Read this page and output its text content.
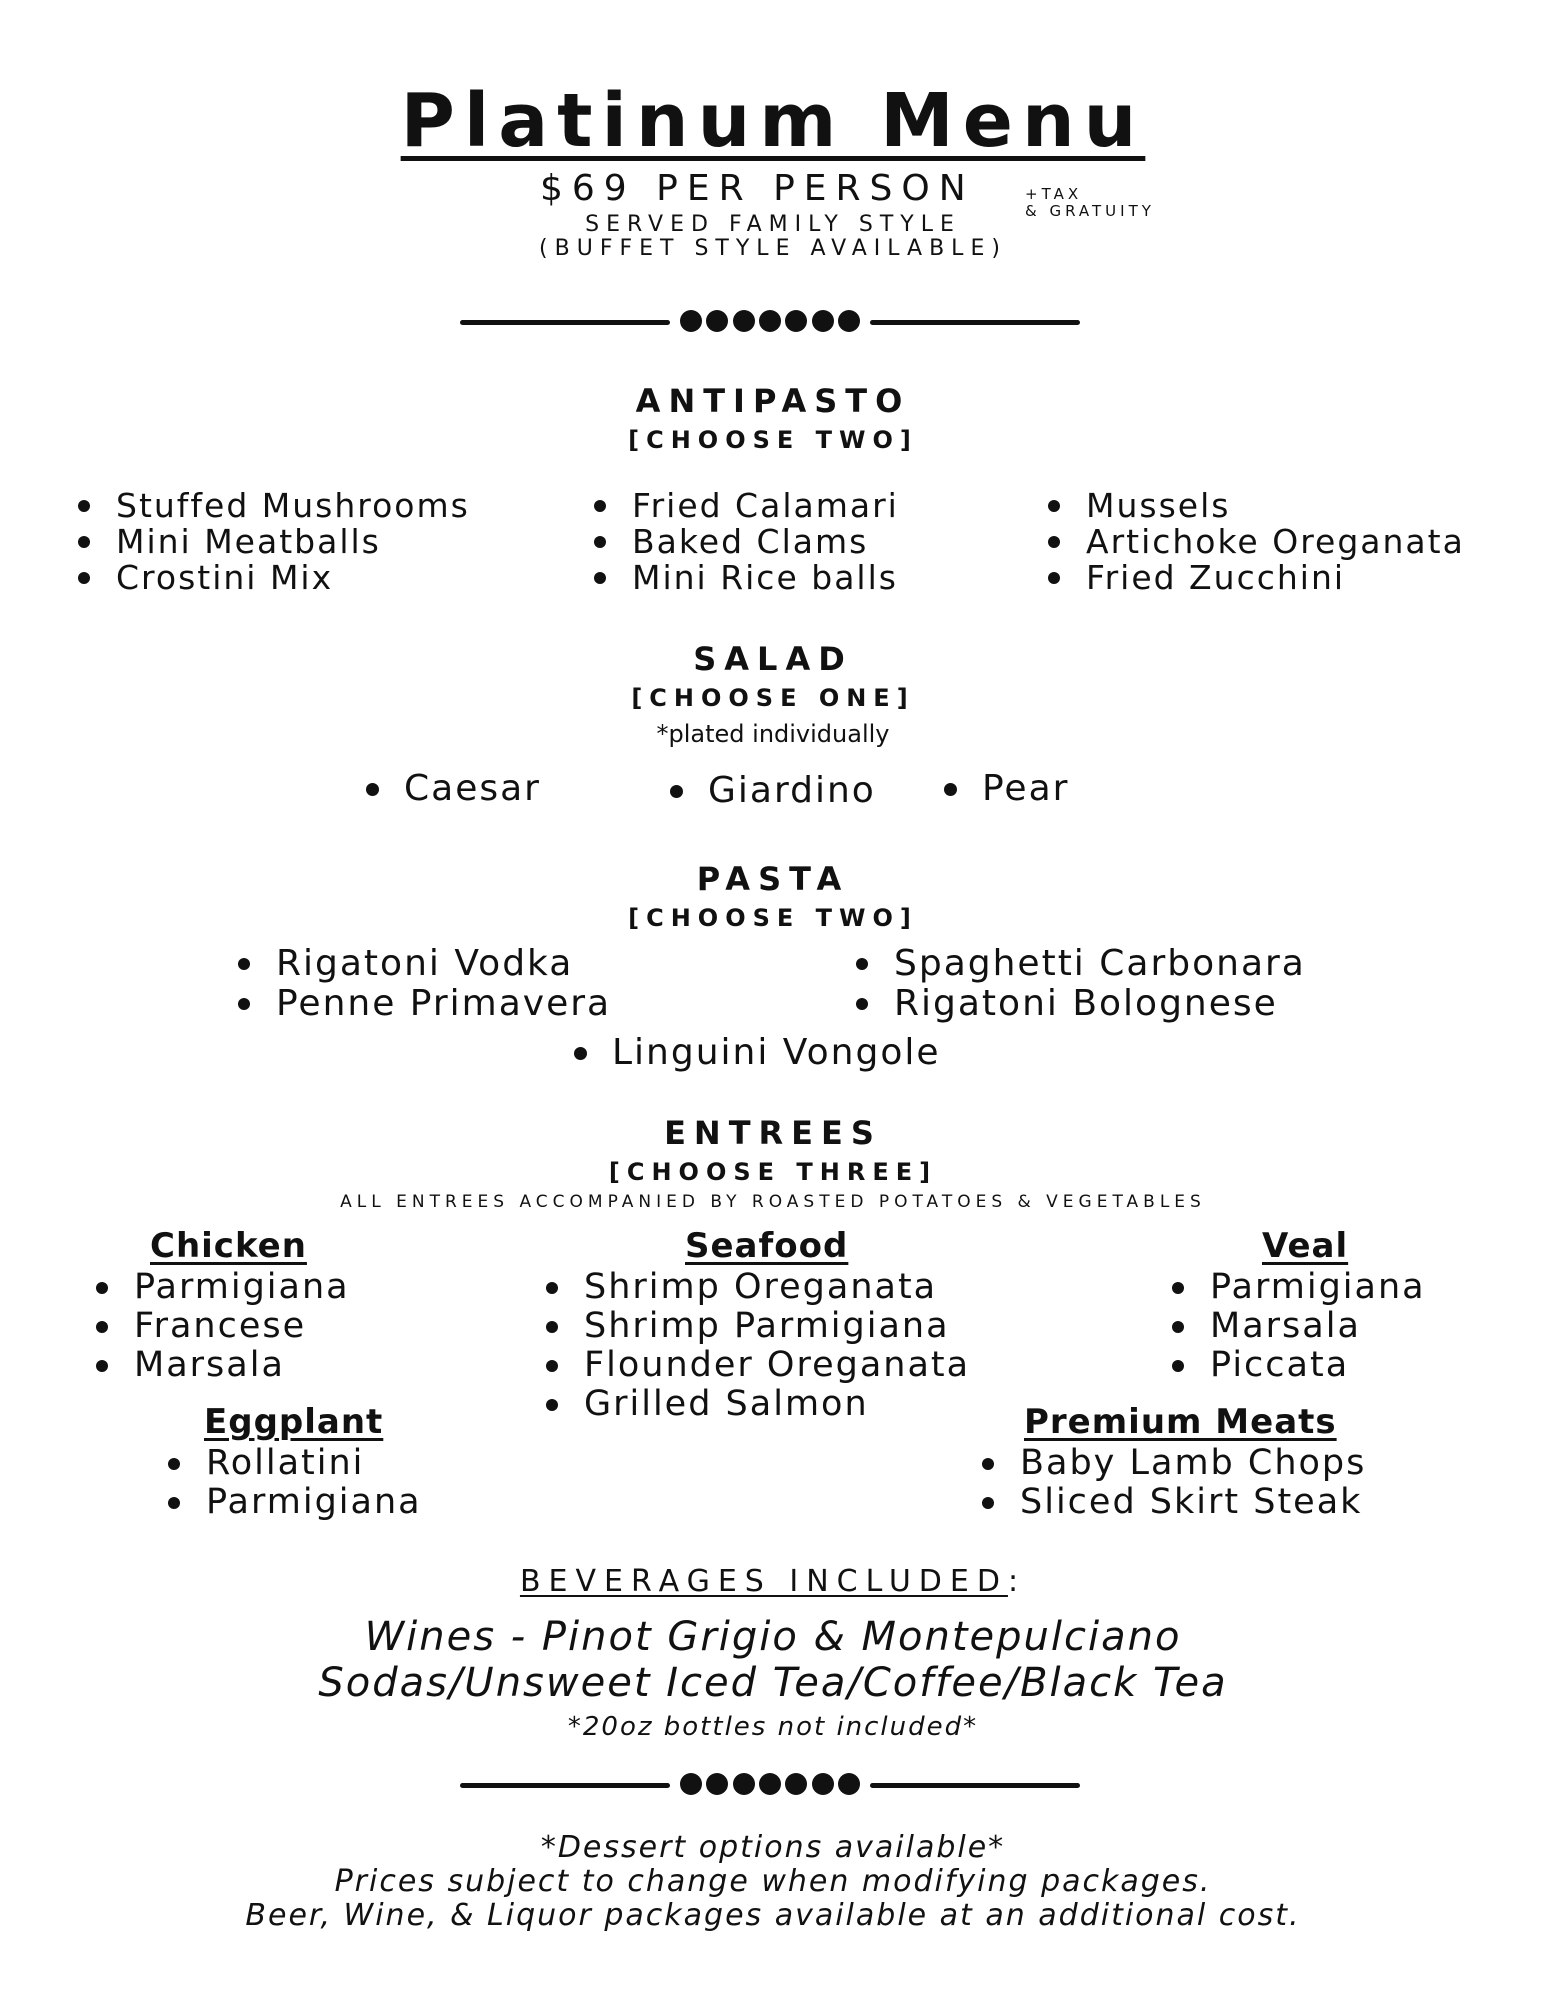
Platinum Menu
$69 PER PERSON	+TAX
& GRATUITY
SERVED FAMILY STYLE
(BUFFET STYLE AVAILABLE)
ANTIPASTO
[CHOOSE TWO]
Stuffed Mushrooms
Mini Meatballs
Crostini Mix
Fried Calamari
Baked Clams
Mini Rice balls
Mussels
Artichoke Oreganata
Fried Zucchini
SALAD
[CHOOSE ONE]
*plated individually
Caesar	Giardino	Pear
PASTA
[CHOOSE TWO]
Rigatoni Vodka
Penne Primavera
Spaghetti Carbonara
Rigatoni Bolognese
Linguini Vongole
ENTREES
[CHOOSE THREE]
ALL ENTREES ACCOMPANIED BY ROASTED POTATOES & VEGETABLES
Chicken
Parmigiana
Francese
Marsala
Seafood
Shrimp Oreganata
Shrimp Parmigiana
Flounder Oreganata
Grilled Salmon
Veal
Parmigiana
Marsala
Piccata
Eggplant
Rollatini
Parmigiana
Premium Meats
Baby Lamb Chops
Sliced Skirt Steak
BEVERAGES INCLUDED:
Wines - Pinot Grigio & Montepulciano
Sodas/Unsweet Iced Tea/Coffee/Black Tea
*20oz bottles not included*
*Dessert options available*
Prices subject to change when modifying packages.
Beer, Wine, & Liquor packages available at an additional cost.
